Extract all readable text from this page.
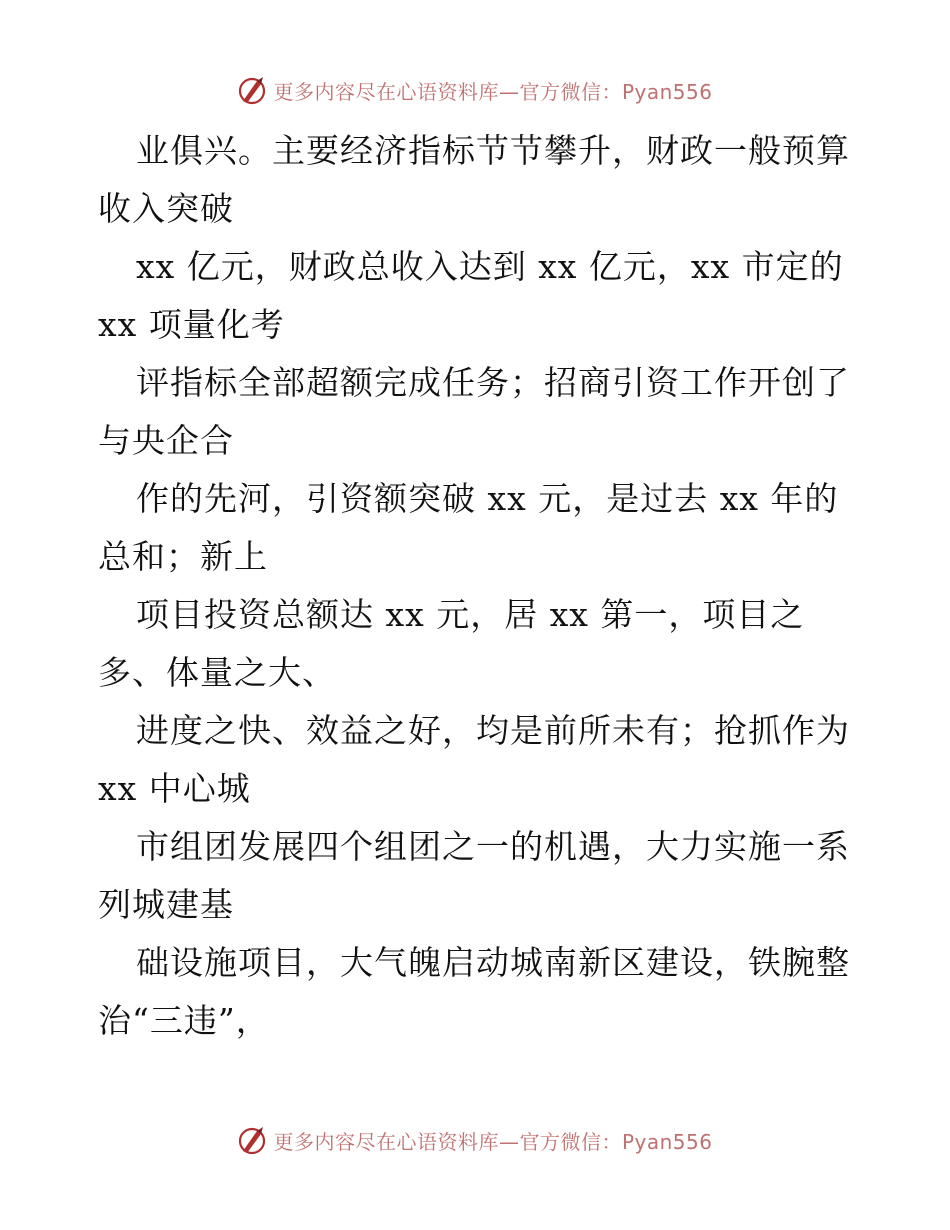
更多内容尽在心语资料库—官方微信：Pyan556
业俱兴。主要经济指标节节攀升，财政一般预算
收入突破
xx 亿元，财政总收入达到 xx 亿元，xx 市定的
xx 项量化考
评指标全部超额完成任务；招商引资工作开创了
与央企合
作的先河，引资额突破 xx 元，是过去 xx 年的
总和；新上
项目投资总额达 xx 元，居 xx 第一，项目之
多、体量之大、
进度之快、效益之好，均是前所未有；抢抓作为
xx 中心城
市组团发展四个组团之一的机遇，大力实施一系
列城建基
础设施项目，大气魄启动城南新区建设，铁腕整
治“三违”，
更多内容尽在心语资料库—官方微信：Pyan556
